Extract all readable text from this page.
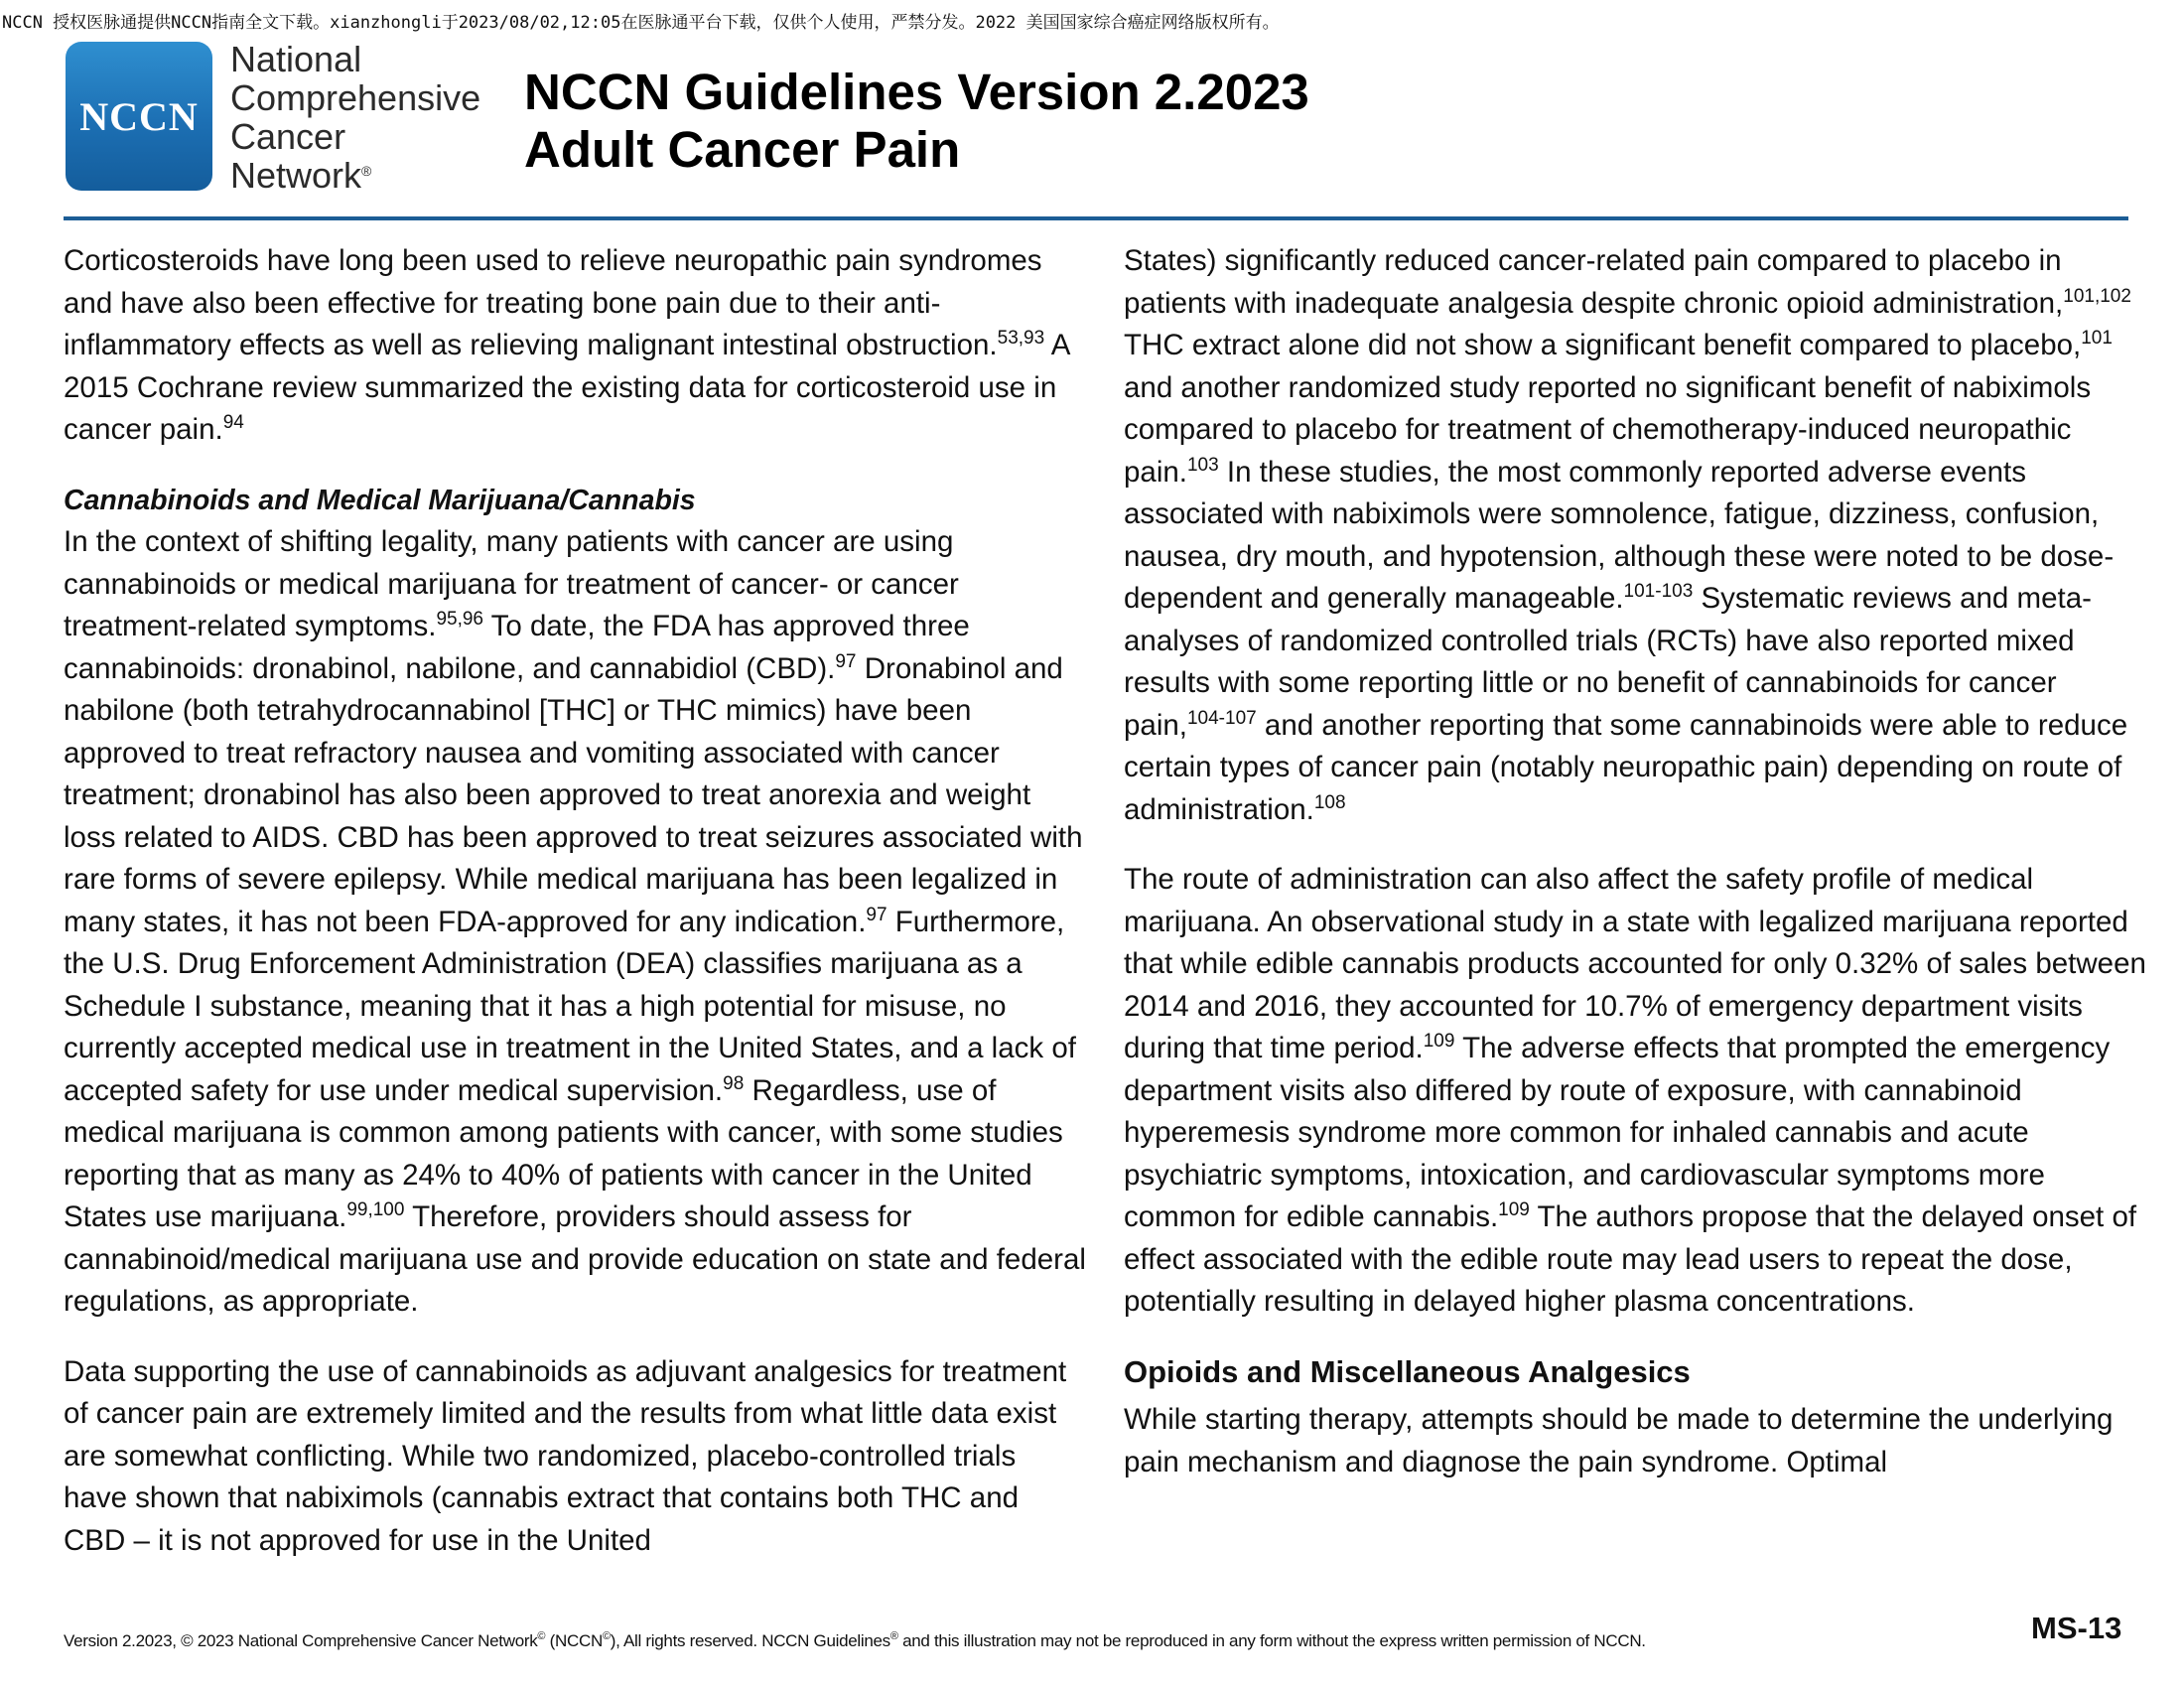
NCCN 授权医脉通提供NCCN指南全文下载。xianzhongli于2023/08/02,12:05在医脉通平台下载，仅供个人使用，严禁分发。2022 美国国家综合癌症网络版权所有。
NCCN
National
Comprehensive
Cancer
Network®
NCCN Guidelines Version 2.2023
Adult Cancer Pain

Corticosteroids have long been used to relieve neuropathic pain syndromes and have also been effective for treating bone pain due to their anti-inflammatory effects as well as relieving malignant intestinal obstruction.$^{53,93}$ A 2015 Cochrane review summarized the existing data for corticosteroid use in cancer pain.$^{94}$

Cannabinoids and Medical Marijuana/Cannabis

In the context of shifting legality, many patients with cancer are using cannabinoids or medical marijuana for treatment of cancer- or cancer treatment-related symptoms.$^{95,96}$ To date, the FDA has approved three cannabinoids: dronabinol, nabilone, and cannabidiol (CBD).$^{97}$ Dronabinol and nabilone (both tetrahydrocannabinol [THC] or THC mimics) have been approved to treat refractory nausea and vomiting associated with cancer treatment; dronabinol has also been approved to treat anorexia and weight loss related to AIDS. CBD has been approved to treat seizures associated with rare forms of severe epilepsy. While medical marijuana has been legalized in many states, it has not been FDA-approved for any indication.$^{97}$ Furthermore, the U.S. Drug Enforcement Administration (DEA) classifies marijuana as a Schedule I substance, meaning that it has a high potential for misuse, no currently accepted medical use in treatment in the United States, and a lack of accepted safety for use under medical supervision.$^{98}$ Regardless, use of medical marijuana is common among patients with cancer, with some studies reporting that as many as 24% to 40% of patients with cancer in the United States use marijuana.$^{99,100}$ Therefore, providers should assess for cannabinoid/medical marijuana use and provide education on state and federal regulations, as appropriate.

Data supporting the use of cannabinoids as adjuvant analgesics for treatment of cancer pain are extremely limited and the results from what little data exist are somewhat conflicting. While two randomized, placebo-controlled trials have shown that nabiximols (cannabis extract that contains both THC and CBD – it is not approved for use in the United

States) significantly reduced cancer-related pain compared to placebo in patients with inadequate analgesia despite chronic opioid administration,$^{101,102}$ THC extract alone did not show a significant benefit compared to placebo,$^{101}$ and another randomized study reported no significant benefit of nabiximols compared to placebo for treatment of chemotherapy-induced neuropathic pain.$^{103}$ In these studies, the most commonly reported adverse events associated with nabiximols were somnolence, fatigue, dizziness, confusion, nausea, dry mouth, and hypotension, although these were noted to be dose-dependent and generally manageable.$^{101-103}$ Systematic reviews and meta-analyses of randomized controlled trials (RCTs) have also reported mixed results with some reporting little or no benefit of cannabinoids for cancer pain,$^{104-107}$ and another reporting that some cannabinoids were able to reduce certain types of cancer pain (notably neuropathic pain) depending on route of administration.$^{108}$

The route of administration can also affect the safety profile of medical marijuana. An observational study in a state with legalized marijuana reported that while edible cannabis products accounted for only 0.32% of sales between 2014 and 2016, they accounted for 10.7% of emergency department visits during that time period.$^{109}$ The adverse effects that prompted the emergency department visits also differed by route of exposure, with cannabinoid hyperemesis syndrome more common for inhaled cannabis and acute psychiatric symptoms, intoxication, and cardiovascular symptoms more common for edible cannabis.$^{109}$ The authors propose that the delayed onset of effect associated with the edible route may lead users to repeat the dose, potentially resulting in delayed higher plasma concentrations.

Opioids and Miscellaneous Analgesics

While starting therapy, attempts should be made to determine the underlying pain mechanism and diagnose the pain syndrome. Optimal

Version 2.2023, © 2023 National Comprehensive Cancer Network© (NCCN©), All rights reserved. NCCN Guidelines® and this illustration may not be reproduced in any form without the express written permission of NCCN.	MS-13
